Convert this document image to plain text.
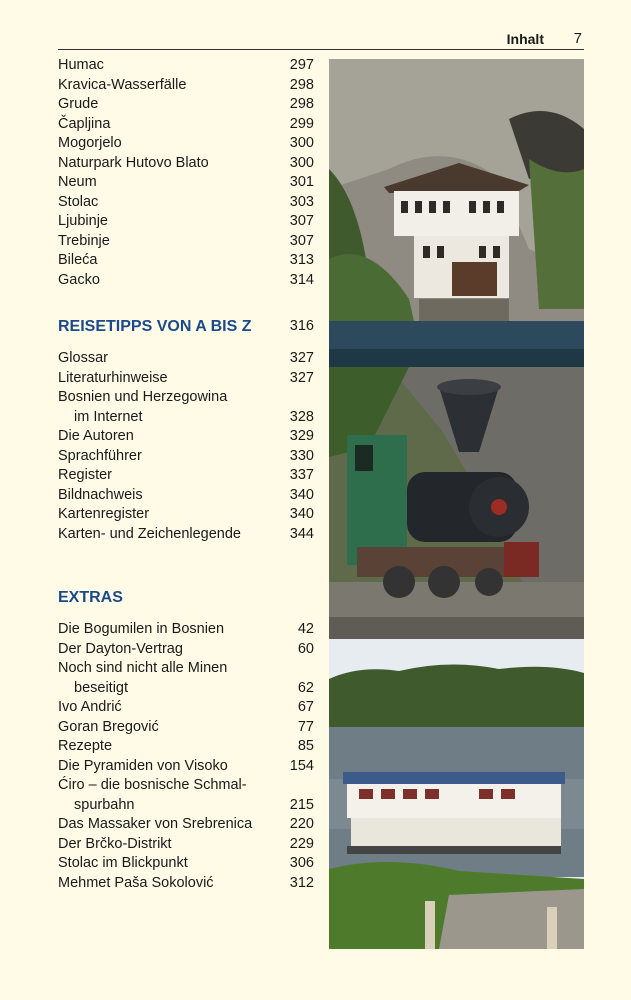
Inhalt 7
Humac	297
Kravica-Wasserfälle	298
Grude	298
Čapljina	299
Mogorjelo	300
Naturpark Hutovo Blato	300
Neum	301
Stolac	303
Ljubinje	307
Trebinje	307
Bileća	313
Gacko	314
REISETIPPS VON A BIS Z	316
Glossar	327
Literaturhinweise	327
Bosnien und Herzegowina
im Internet	328
Die Autoren	329
Sprachführer	330
Register	337
Bildnachweis	340
Kartenregister	340
Karten- und Zeichenlegende	344
EXTRAS
Die Bogumilen in Bosnien	42
Der Dayton-Vertrag	60
Noch sind nicht alle Minen
beseitigt	62
Ivo Andrić	67
Goran Bregović	77
Rezepte	85
Die Pyramiden von Visoko	154
Ćiro – die bosnische Schmal-
spurbahn	215
Das Massaker von Srebrenica	220
Der Brčko-Distrikt	229
Stolac im Blickpunkt	306
Mehmet Paša Sokolović	312
